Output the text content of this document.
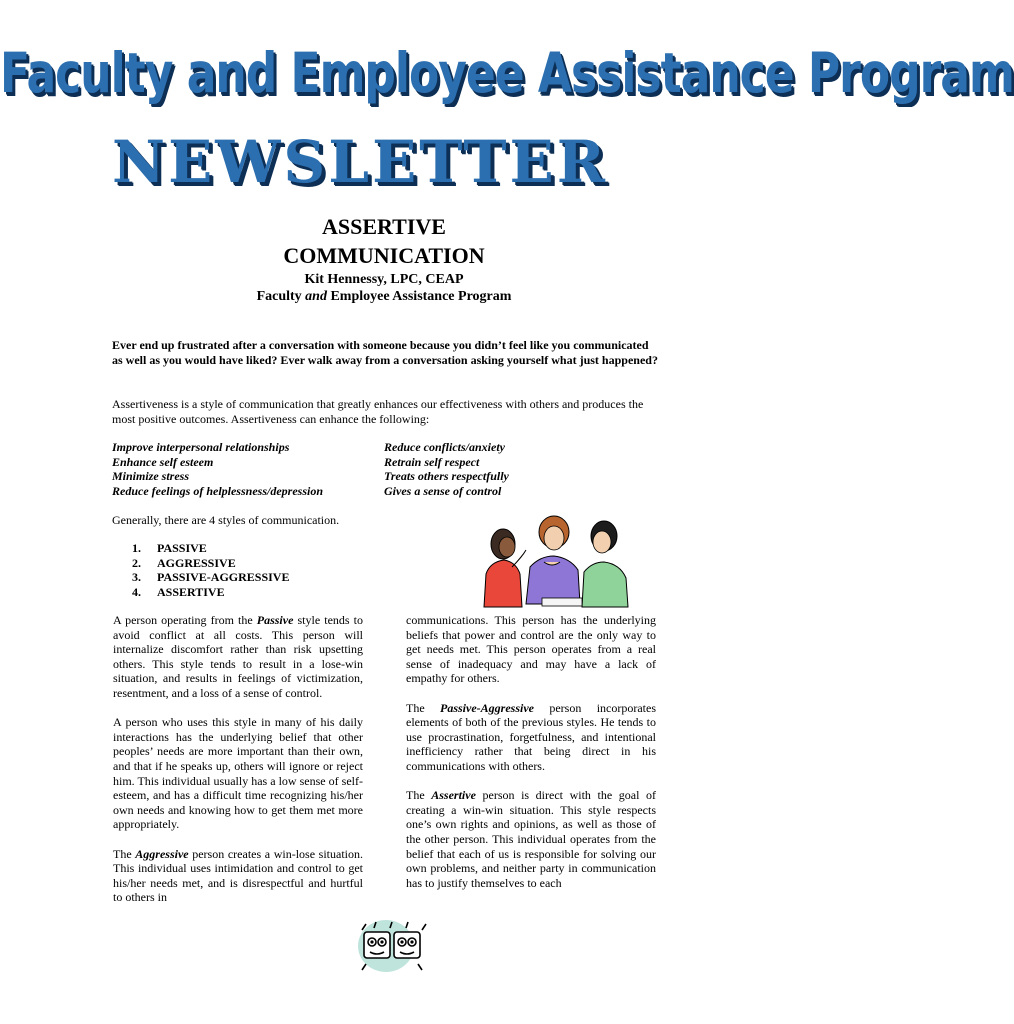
Faculty and Employee Assistance Program
NEWSLETTER
ASSERTIVE
COMMUNICATION
Kit Hennessy, LPC, CEAP
Faculty and Employee Assistance Program
Ever end up frustrated after a conversation with someone because you didn’t feel like you communicated as well as you would have liked? Ever walk away from a conversation asking yourself what just happened?
Assertiveness is a style of communication that greatly enhances our effectiveness with others and produces the most positive outcomes. Assertiveness can enhance the following:
Improve interpersonal relationships
Enhance self esteem
Minimize stress
Reduce feelings of helplessness/depression
Reduce conflicts/anxiety
Retrain self respect
Treats others respectfully
Gives a sense of control
Generally, there are 4 styles of communication.
1. PASSIVE
2. AGGRESSIVE
3. PASSIVE-AGGRESSIVE
4. ASSERTIVE

A person operating from the Passive style tends to avoid conflict at all costs. This person will internalize discomfort rather than risk upsetting others. This style tends to result in a lose-win situation, and results in feelings of victimization, resentment, and a loss of a sense of control.

A person who uses this style in many of his daily interactions has the underlying belief that other peoples’ needs are more important than their own, and that if he speaks up, others will ignore or reject him. This individual usually has a low sense of self-esteem, and has a difficult time recognizing his/her own needs and knowing how to get them met more appropriately.

The Aggressive person creates a win-lose situation. This individual uses intimidation and control to get his/her needs met, and is disrespectful and hurtful to others in

communications. This person has the underlying beliefs that power and control are the only way to get needs met. This person operates from a real sense of inadequacy and may have a lack of empathy for others.

The Passive-Aggressive person incorporates elements of both of the previous styles. He tends to use procrastination, forgetfulness, and intentional inefficiency rather that being direct in his communications with others.

The Assertive person is direct with the goal of creating a win-win situation. This style respects one’s own rights and opinions, as well as those of the other person. This individual operates from the belief that each of us is responsible for solving our own problems, and neither party in communication has to justify themselves to each
